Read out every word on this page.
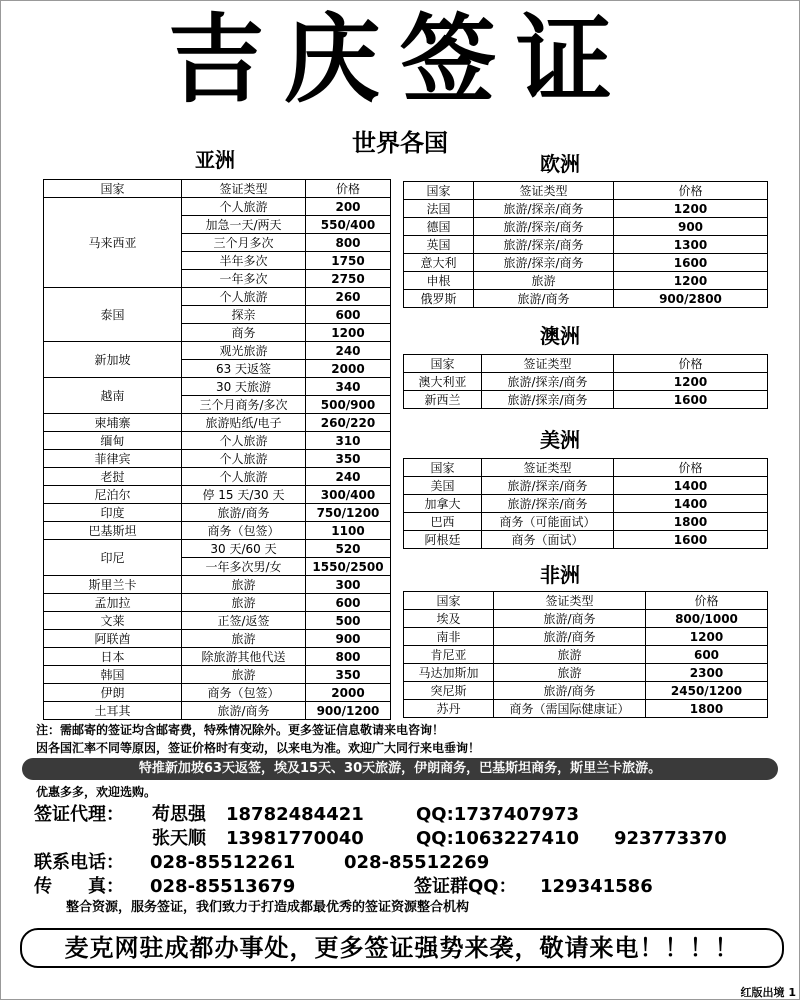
吉庆签证
世界各国
亚洲
国家	签证类型	价格
马来西亚	个人旅游	200
	加急一天/两天	550/400
	三个月多次	800
	半年多次	1750
	一年多次	2750
泰国	个人旅游	260
	探亲	600
	商务	1200
新加坡	观光旅游	240
	63 天返签	2000
越南	30 天旅游	340
	三个月商务/多次	500/900
柬埔寨	旅游贴纸/电子	260/220
缅甸	个人旅游	310
菲律宾	个人旅游	350
老挝	个人旅游	240
尼泊尔	停 15 天/30 天	300/400
印度	旅游/商务	750/1200
巴基斯坦	商务（包签）	1100
印尼	30 天/60 天	520
	一年多次男/女	1550/2500
斯里兰卡	旅游	300
孟加拉	旅游	600
文莱	正签/返签	500
阿联酋	旅游	900
日本	除旅游其他代送	800
韩国	旅游	350
伊朗	商务（包签）	2000
土耳其	旅游/商务	900/1200
欧洲
国家	签证类型	价格
法国	旅游/探亲/商务	1200
德国	旅游/探亲/商务	900
英国	旅游/探亲/商务	1300
意大利	旅游/探亲/商务	1600
申根	旅游	1200
俄罗斯	旅游/商务	900/2800
澳洲
国家	签证类型	价格
澳大利亚	旅游/探亲/商务	1200
新西兰	旅游/探亲/商务	1600
美洲
国家	签证类型	价格
美国	旅游/探亲/商务	1400
加拿大	旅游/探亲/商务	1400
巴西	商务（可能面试）	1800
阿根廷	商务（面试）	1600
非洲
国家	签证类型	价格
埃及	旅游/商务	800/1000
南非	旅游/商务	1200
肯尼亚	旅游	600
马达加斯加	旅游	2300
突尼斯	旅游/商务	2450/1200
苏丹	商务（需国际健康证）	1800
注：需邮寄的签证均含邮寄费，特殊情况除外。更多签证信息敬请来电咨询！
因各国汇率不同等原因，签证价格时有变动，以来电为准。欢迎广大同行来电垂询！
特推新加坡63天返签，埃及15天、30天旅游，伊朗商务，巴基斯坦商务，斯里兰卡旅游。
优惠多多，欢迎选购。
签证代理： 苟思强 18782484421	QQ:1737407973
张天顺 13981770040	QQ:1063227410 923773370
联系电话： 028-85512261	028-85512269
传　　真： 028-85513679	签证群QQ： 129341586
整合资源，服务签证，我们致力于打造成都最优秀的签证资源整合机构
麦克网驻成都办事处，更多签证强势来袭，敬请来电！！！！
红版出境 1
